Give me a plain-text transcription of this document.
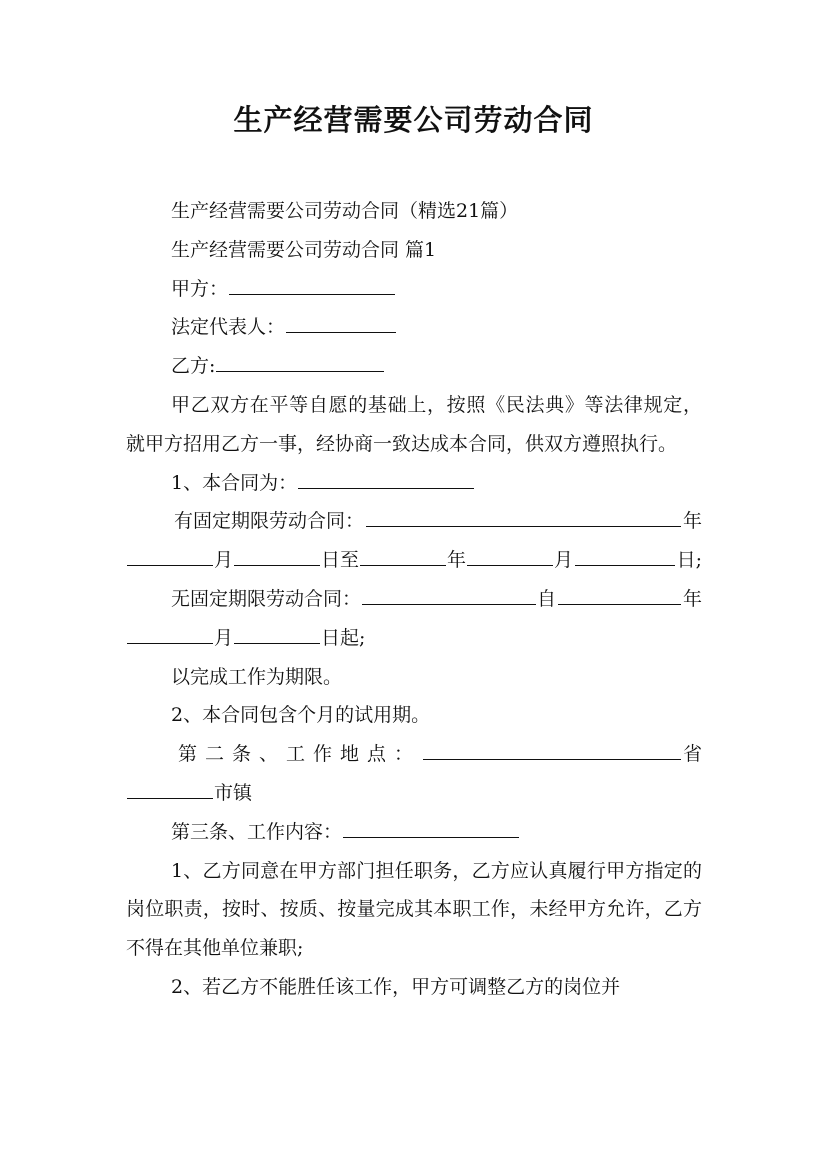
生产经营需要公司劳动合同

生产经营需要公司劳动合同（精选21篇）

生产经营需要公司劳动合同 篇1

甲方：

法定代表人：

乙方:

甲乙双方在平等自愿的基础上，按照《民法典》等法律规定，就甲方招用乙方一事，经协商一致达成本合同，供双方遵照执行。

1、本合同为：

有固定期限劳动合同：	年
月	日至	年	月	日;
无固定期限劳动合同：	自	年
月	日起;

以完成工作为期限。

2、本合同包含个月的试用期。

第二条、工作地点：	省
市镇

第三条、工作内容：

1、乙方同意在甲方部门担任职务，乙方应认真履行甲方指定的岗位职责，按时、按质、按量完成其本职工作，未经甲方允许，乙方不得在其他单位兼职;

2、若乙方不能胜任该工作，甲方可调整乙方的岗位并
